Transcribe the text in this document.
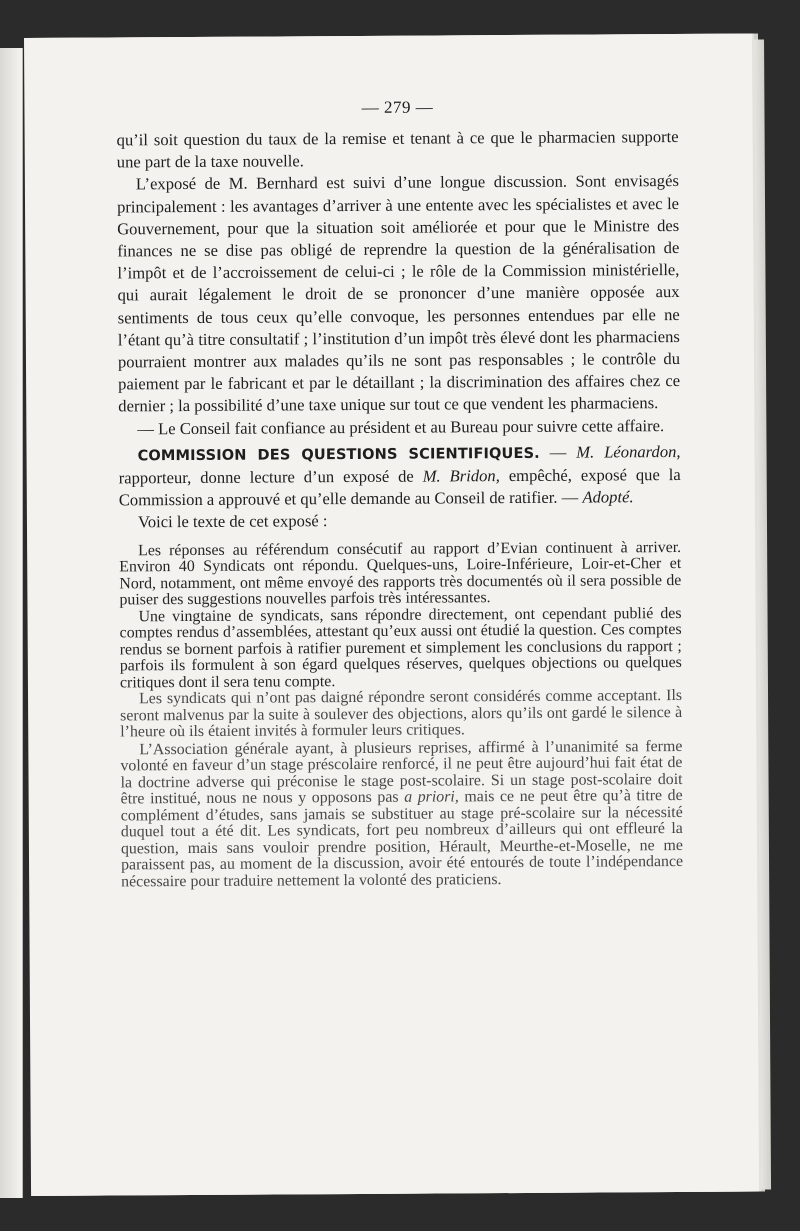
— 279 —

qu’il soit question du taux de la remise et tenant à ce que le pharmacien supporte une part de la taxe nouvelle.

L’exposé de M. Bernhard est suivi d’une longue discussion. Sont envisagés principalement : les avantages d’arriver à une entente avec les spécialistes et avec le Gouvernement, pour que la situation soit améliorée et pour que le Ministre des finances ne se dise pas obligé de reprendre la question de la généralisation de l’impôt et de l’accroissement de celui-ci ; le rôle de la Commission ministérielle, qui aurait légalement le droit de se prononcer d’une manière opposée aux sentiments de tous ceux qu’elle convoque, les personnes entendues par elle ne l’étant qu’à titre consultatif ; l’institution d’un impôt très élevé dont les pharmaciens pourraient montrer aux malades qu’ils ne sont pas responsables ; le contrôle du paiement par le fabricant et par le détaillant ; la discrimination des affaires chez ce dernier ; la possibilité d’une taxe unique sur tout ce que vendent les pharmaciens.

— Le Conseil fait confiance au président et au Bureau pour suivre cette affaire.

COMMISSION DES QUESTIONS SCIENTIFIQUES. — M. Léonardon, rapporteur, donne lecture d’un exposé de M. Bridon, empêché, exposé que la Commission a approuvé et qu’elle demande au Conseil de ratifier. — Adopté.

Voici le texte de cet exposé :

Les réponses au référendum consécutif au rapport d’Evian continuent à arriver. Environ 40 Syndicats ont répondu. Quelques-uns, Loire-Inférieure, Loir-et-Cher et Nord, notamment, ont même envoyé des rapports très documentés où il sera possible de puiser des suggestions nouvelles parfois très intéressantes.

Une vingtaine de syndicats, sans répondre directement, ont cependant publié des comptes rendus d’assemblées, attestant qu’eux aussi ont étudié la question. Ces comptes rendus se bornent parfois à ratifier purement et simplement les conclusions du rapport ; parfois ils formulent à son égard quelques réserves, quelques objections ou quelques critiques dont il sera tenu compte.

Les syndicats qui n’ont pas daigné répondre seront considérés comme acceptant. Ils seront malvenus par la suite à soulever des objections, alors qu’ils ont gardé le silence à l’heure où ils étaient invités à formuler leurs critiques.

L’Association générale ayant, à plusieurs reprises, affirmé à l’unanimité sa ferme volonté en faveur d’un stage préscolaire renforcé, il ne peut être aujourd’hui fait état de la doctrine adverse qui préconise le stage post-scolaire. Si un stage post-scolaire doit être institué, nous ne nous y opposons pas a priori, mais ce ne peut être qu’à titre de complément d’études, sans jamais se substituer au stage pré-scolaire sur la nécessité duquel tout a été dit. Les syndicats, fort peu nombreux d’ailleurs qui ont effleuré la question, mais sans vouloir prendre position, Hérault, Meurthe-et-Moselle, ne me paraissent pas, au moment de la discussion, avoir été entourés de toute l’indépendance nécessaire pour traduire nettement la volonté des praticiens.
